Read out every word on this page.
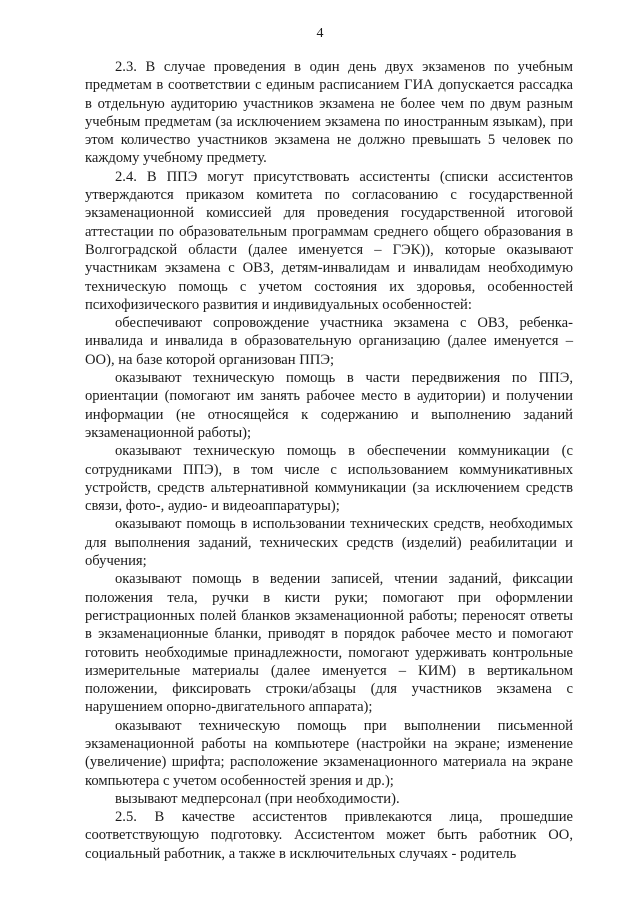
4

2.3. В случае проведения в один день двух экзаменов по учебным предметам в соответствии с единым расписанием ГИА допускается рассадка в отдельную аудиторию участников экзамена не более чем по двум разным учебным предметам (за исключением экзамена по иностранным языкам), при этом количество участников экзамена не должно превышать 5 человек по каждому учебному предмету.

2.4. В ППЭ могут присутствовать ассистенты (списки ассистентов утверждаются приказом комитета по согласованию с государственной экзаменационной комиссией для проведения государственной итоговой аттестации по образовательным программам среднего общего образования в Волгоградской области (далее именуется – ГЭК)), которые оказывают участникам экзамена с ОВЗ, детям-инвалидам и инвалидам необходимую техническую помощь с учетом состояния их здоровья, особенностей психофизического развития и индивидуальных особенностей:

обеспечивают сопровождение участника экзамена с ОВЗ, ребенка-инвалида и инвалида в образовательную организацию (далее именуется – ОО), на базе которой организован ППЭ;

оказывают техническую помощь в части передвижения по ППЭ, ориентации (помогают им занять рабочее место в аудитории) и получении информации (не относящейся к содержанию и выполнению заданий экзаменационной работы);

оказывают техническую помощь в обеспечении коммуникации (с сотрудниками ППЭ), в том числе с использованием коммуникативных устройств, средств альтернативной коммуникации (за исключением средств связи, фото-, аудио- и видеоаппаратуры);

оказывают помощь в использовании технических средств, необходимых для выполнения заданий, технических средств (изделий) реабилитации и обучения;

оказывают помощь в ведении записей, чтении заданий, фиксации положения тела, ручки в кисти руки; помогают при оформлении регистрационных полей бланков экзаменационной работы; переносят ответы в экзаменационные бланки, приводят в порядок рабочее место и помогают готовить необходимые принадлежности, помогают удерживать контрольные измерительные материалы (далее именуется – КИМ) в вертикальном положении, фиксировать строки/абзацы (для участников экзамена с нарушением опорно-двигательного аппарата);

оказывают техническую помощь при выполнении письменной экзаменационной работы на компьютере (настройки на экране; изменение (увеличение) шрифта; расположение экзаменационного материала на экране компьютера с учетом особенностей зрения и др.);

вызывают медперсонал (при необходимости).

2.5. В качестве ассистентов привлекаются лица, прошедшие соответствующую подготовку. Ассистентом может быть работник ОО, социальный работник, а также в исключительных случаях - родитель
